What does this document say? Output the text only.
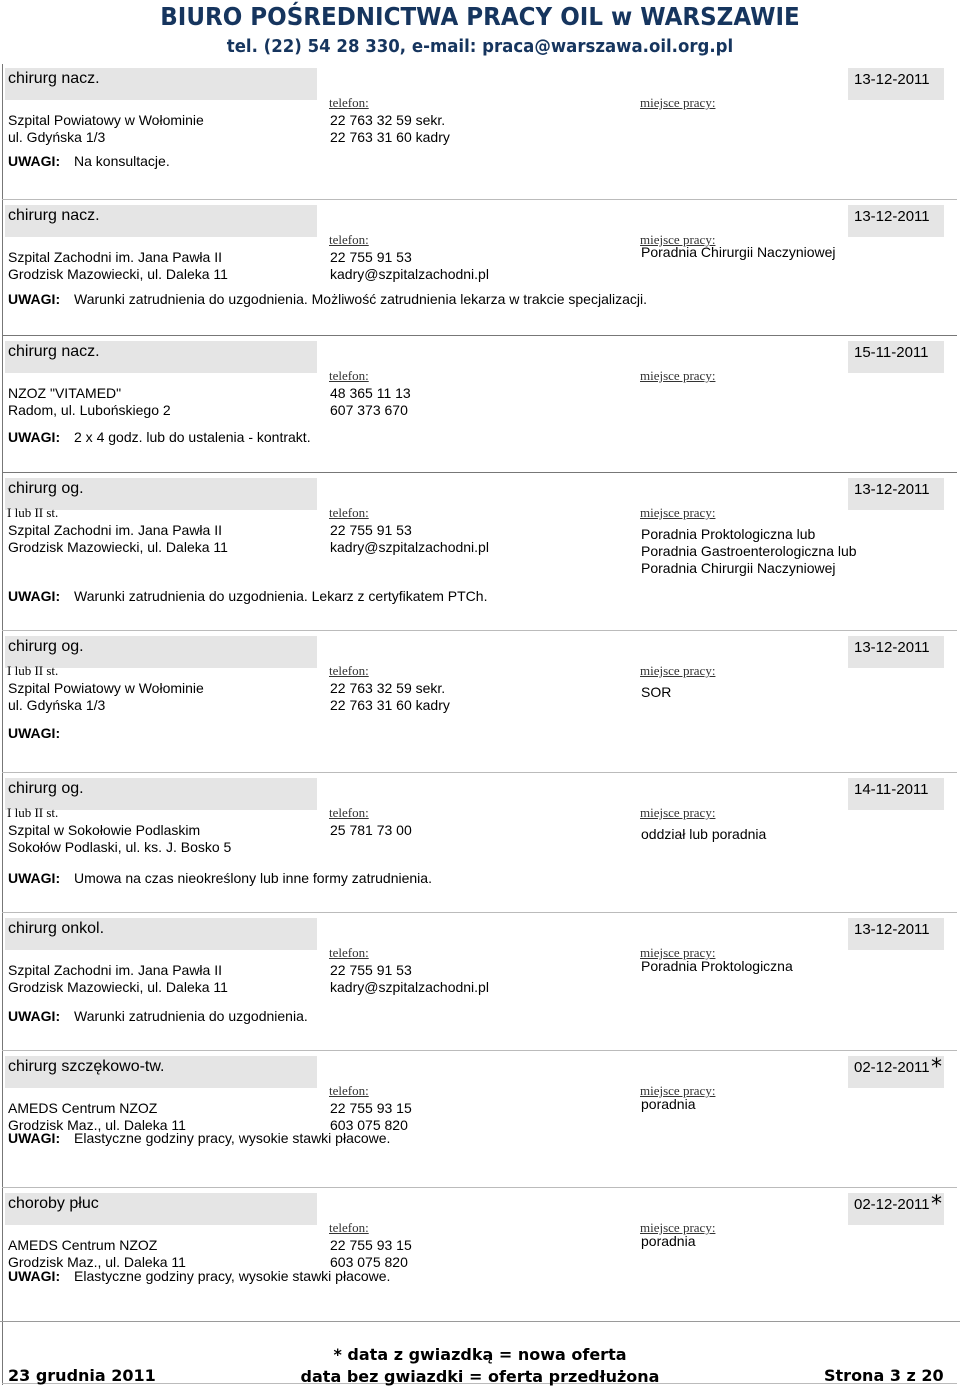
BIURO POŚREDNICTWA PRACY OIL w WARSZAWIE
tel. (22) 54 28 330, e-mail: praca@warszawa.oil.org.pl
chirurg nacz.	13-12-2011
telefon:	miejsce pracy:
Szpital Powiatowy w Wołominie
ul. Gdyńska 1/3
22 763 32 59 sekr.
22 763 31 60 kadry
UWAGI: Na konsultacje.
chirurg nacz.	13-12-2011
telefon:	miejsce pracy:
Szpital Zachodni im. Jana Pawła II
Grodzisk Mazowiecki, ul. Daleka 11
22 755 91 53
kadry@szpitalzachodni.pl
Poradnia Chirurgii Naczyniowej
UWAGI: Warunki zatrudnienia do uzgodnienia. Możliwość zatrudnienia lekarza w trakcie specjalizacji.
chirurg nacz.	15-11-2011
telefon:	miejsce pracy:
NZOZ "VITAMED"
Radom, ul. Lubońskiego 2
48 365 11 13
607 373 670
UWAGI: 2 x 4 godz. lub do ustalenia - kontrakt.
chirurg og.	13-12-2011
I lub II st.	telefon:	miejsce pracy:
Szpital Zachodni im. Jana Pawła II
Grodzisk Mazowiecki, ul. Daleka 11
22 755 91 53
kadry@szpitalzachodni.pl
Poradnia Proktologiczna lub
Poradnia Gastroenterologiczna lub
Poradnia Chirurgii Naczyniowej
UWAGI: Warunki zatrudnienia do uzgodnienia. Lekarz z certyfikatem PTCh.
chirurg og.	13-12-2011
I lub II st.	telefon:	miejsce pracy:
Szpital Powiatowy w Wołominie
ul. Gdyńska 1/3
22 763 32 59 sekr.
22 763 31 60 kadry
SOR
UWAGI:
chirurg og.	14-11-2011
I lub II st.	telefon:	miejsce pracy:
Szpital w Sokołowie Podlaskim
Sokołów Podlaski, ul. ks. J. Bosko 5
25 781 73 00	oddział lub poradnia
UWAGI: Umowa na czas nieokreślony lub inne formy zatrudnienia.
chirurg onkol.	13-12-2011
telefon:	miejsce pracy:
Szpital Zachodni im. Jana Pawła II
Grodzisk Mazowiecki, ul. Daleka 11
22 755 91 53
kadry@szpitalzachodni.pl
Poradnia Proktologiczna
UWAGI: Warunki zatrudnienia do uzgodnienia.
chirurg szczękowo-tw.	02-12-2011 *
telefon:	miejsce pracy:
AMEDS Centrum NZOZ
Grodzisk Maz., ul. Daleka 11
22 755 93 15
603 075 820
poradnia
UWAGI: Elastyczne godziny pracy, wysokie stawki płacowe.
choroby płuc	02-12-2011 *
telefon:	miejsce pracy:
AMEDS Centrum NZOZ
Grodzisk Maz., ul. Daleka 11
22 755 93 15
603 075 820
poradnia
UWAGI: Elastyczne godziny pracy, wysokie stawki płacowe.
23 grudnia 2011
* data z gwiazdką = nowa oferta
data bez gwiazdki = oferta przedłużona	Strona 3 z 20
